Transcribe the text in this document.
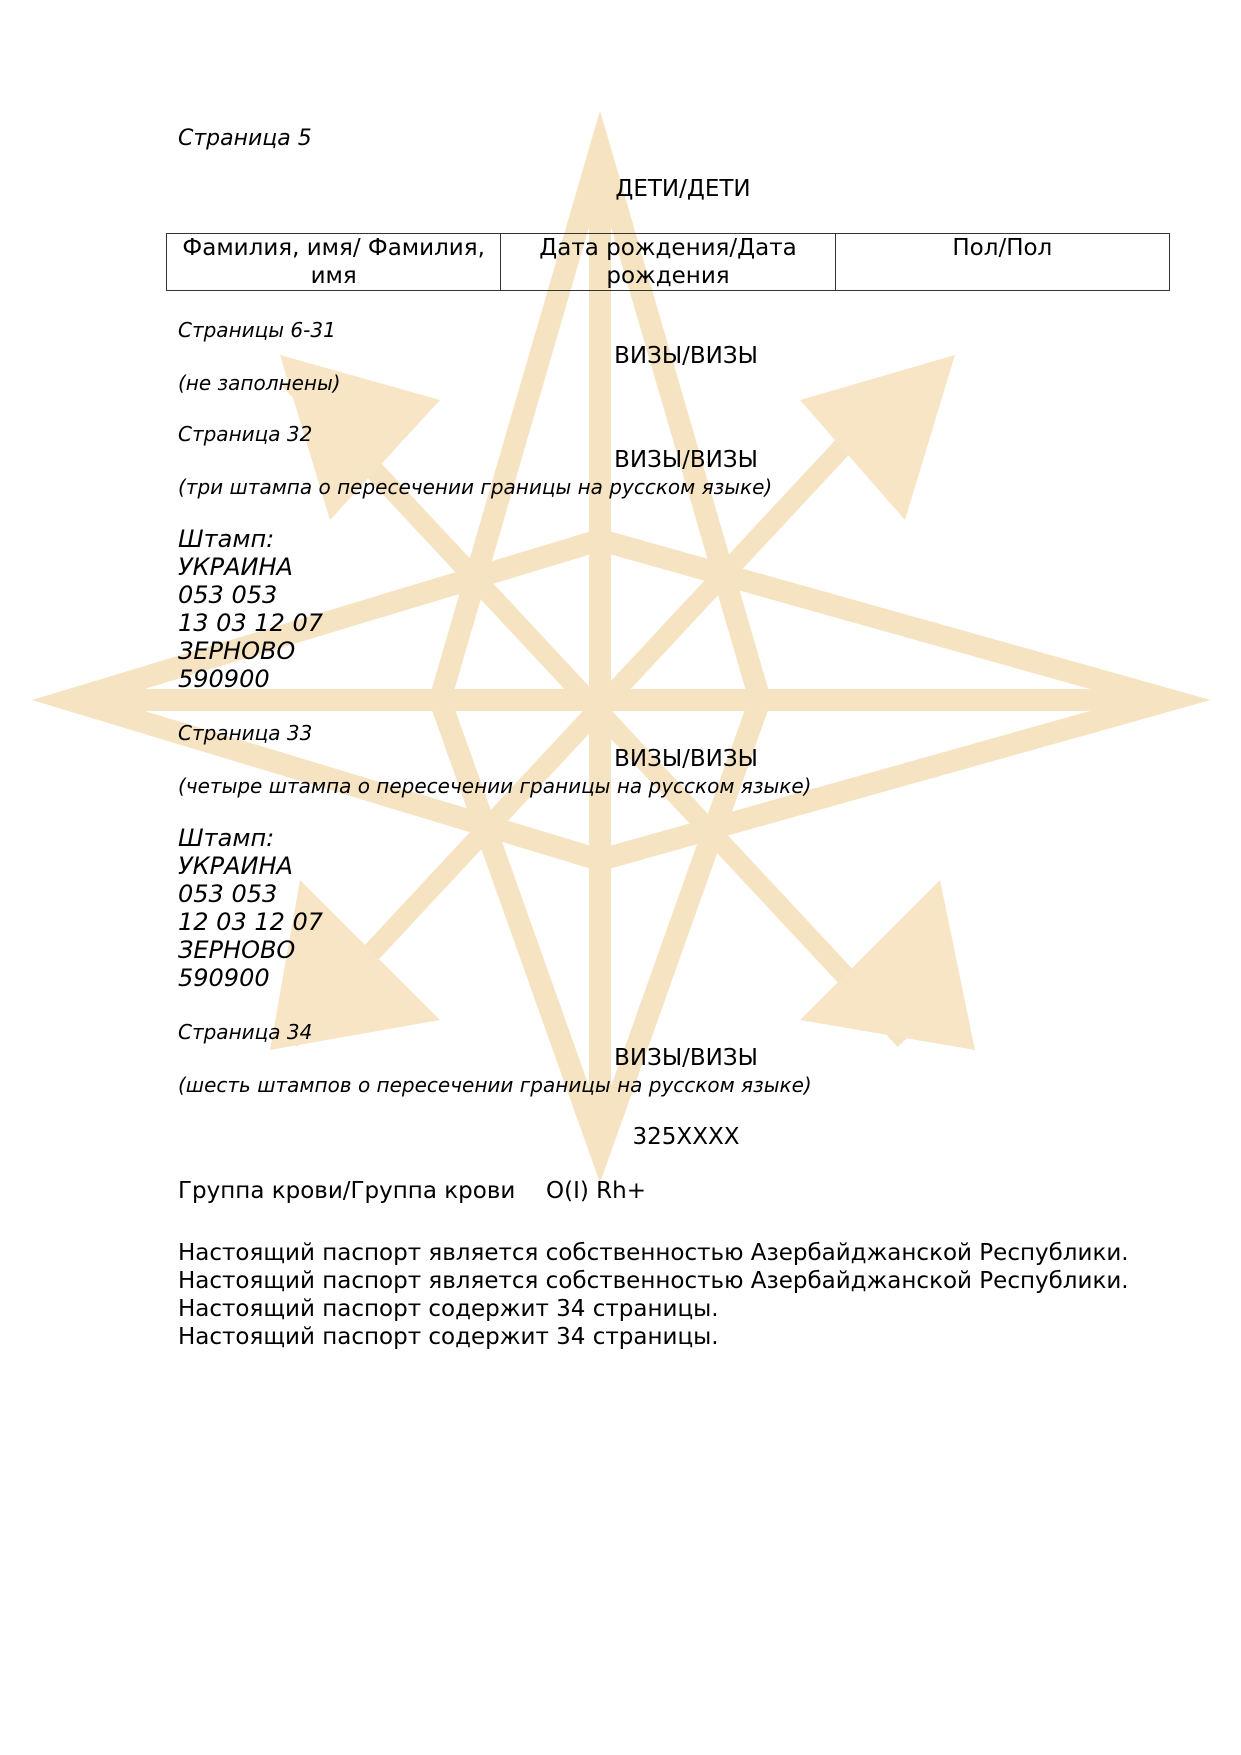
Страница 5
ДЕТИ/ДЕТИ
Фамилия, имя/ Фамилия, имя	Дата рождения/Дата рождения	Пол/Пол
Страницы 6-31
ВИЗЫ/ВИЗЫ
(не заполнены)
Страница 32
ВИЗЫ/ВИЗЫ
(три штампа о пересечении границы на русском языке)
Штамп:
УКРАИНА
053 053
13 03 12 07
ЗЕРНОВО
590900
Страница 33
ВИЗЫ/ВИЗЫ
(четыре штампа о пересечении границы на русском языке)
Штамп:
УКРАИНА
053 053
12 03 12 07
ЗЕРНОВО
590900
Страница 34
ВИЗЫ/ВИЗЫ
(шесть штампов о пересечении границы на русском языке)
325XXXX
Группа крови/Группа крови O(I) Rh+
Настоящий паспорт является собственностью Азербайджанской Республики.
Настоящий паспорт является собственностью Азербайджанской Республики.
Настоящий паспорт содержит 34 страницы.
Настоящий паспорт содержит 34 страницы.
